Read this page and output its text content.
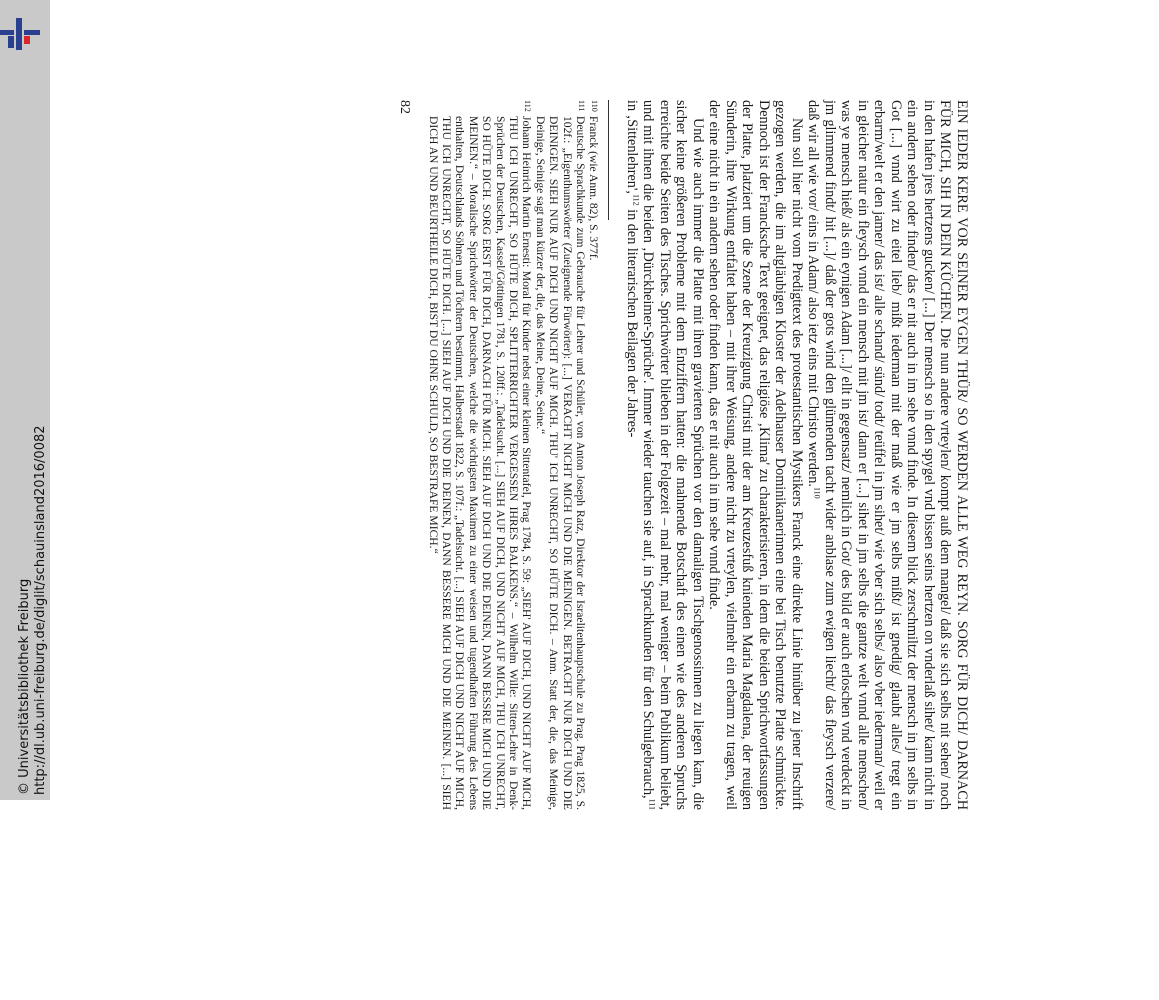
http://dl.ub.uni-freiburg.de/diglit/schauinsland2016/0082
© Universitätsbibliothek Freiburg	EIN IEDER KERE VOR SEINER EYGEN THÜR/ SO WERDEN ALLE WEG REYN. SORG FÜR DICH/ DARNACH FÜR MICH, SIH IN DEIN KÜCHEN. Die nun andere vrteylen/ kompt auß dem mangel/ daß sie sich selbs nit sehen/ noch in den hafen jres hertzens gucken/ [...] Der mensch so in den spygel vnd bissen seins hertzen on vnderlaß sihet/ kann nicht in ein andern sehen oder finden/ das er nit auch in im sehe vnnd finde. In diesem blick zerschmiltzt der mensch in jm selbs in Got [...] vnnd wirt zu eitel lieb/ mißt iederman mit der maß wie er jm selbs mißt/ ist gnedig/ glaubt alles/ tregt ein erbarm/welt er den jamer/ das ist/ alle schand/ sünd/ todt/ teüffel in jm sihet/ wie vber sich selbs/ also vber iederman/ weil er in gleicher natur ein fleysch vnnd ein mensch mit jm ist/ dann er [...] sihet in jm selbs die gantze welt vnnd alle menschen/ was ye mensch hieß/ als ein eynigen Adam [...]/ ellt in gegensatz/ nemlich in Got/ des bild er auch erloschen vnd verdeckt in jm glimmend findt/ hit [...]/ daß der gots wind den glümenden tacht wider anblase zum ewigen liecht/ das fleysch verzere/ daß wir all wie vor/ eins in Adam/ also ietz eins mit Christo werden.$^{110}$

Nun soll hier nicht vom Predigttext des protestantischen Mystikers Franck eine direkte Linie hinüber zu jener Inschrift gezogen werden, die im altgläubigen Kloster der Adelhauser Dominikanerinnen eine bei Tisch benutzte Platte schmückte. Dennoch ist der Francksche Text geeignet, das religiöse ‚Klima' zu charakterisieren, in dem die beiden Sprichwortfassungen der Platte, platziert um die Szene der Kreuzigung Christi mit der am Kreuzesfuß knienden Maria Magdalena, der reuigen Sünderin, ihre Wirkung entfaltet haben – mit ihrer Weisung, andere nicht zu vrteylen, vielmehr ein erbarm zu tragen, weil der eine nicht in ein andern sehen oder finden kann, das er nit auch in im sehe vnnd finde.

Und wie auch immer die Platte mit ihren gravierten Sprüchen vor den damaligen Tischgenossinnen zu liegen kam, die sicher keine größeren Probleme mit dem Entziffern hatten: die mahnende Botschaft des einen wie des anderen Spruchs erreichte beide Seiten des Tisches. Sprichwörter blieben in der Folgezeit – mal mehr, mal weniger – beim Publikum beliebt, und mit ihnen die beiden ‚Dürckheimer-Sprüche'. Immer wieder tauchen sie auf, in Sprachkunden für den Schulgebrauch,$^{111}$ in ‚Sittenlehren',$^{112}$ in den literarischen Beilagen der Jahres-

110
Franck (wie Anm. 82), S. 377f.
111
Deutsche Sprachkunde zum Gebrauche für Lehrer und Schüler, von Anton Joseph Ratz, Direktor der Israelitenhauptschule zu Prag. Prag 1825, S. 102f.: „Eigenthumswörter (Zueignende Fürwörter): [...] VERACHT NICHT MICH UND DIE MEINIGEN. BETRACHT NUR DICH UND DIE DEINIGEN. SIEH NUR AUF DICH UND NICHT AUF MICH. THU' ICH UNRECHT, SO HÜTE DICH. – Anm. Statt der, die, das Meinige, Deinige, Seinige sagt man kürzer der, die, das Meine, Deine, Seine.“
112
Johann Heinrich Martin Ernesti: Moral für Kinder nebst einer kleinen Sittentafel, Prag 1784, S. 59: „SIEH' AUF DICH, UND NICHT AUF MICH, THU ICH UNRECHT, SO HÜTE DICH, SPLITTERRICHTER VERGESSEN IHRES BALKENS.“ – Wilhelm Wille: Sitten-Lehre in Denk-Sprüchen der Deutschen, Kassel/Göttingen 1781, S. 120ff.: „Tadelsucht. [...] SIEH AUF DICH, UND NICHT AUF MICH, THU ICH UNRECHT, SO HÜTE DICH. SORG ERST FÜR DICH, DARNACH FÜR MICH. SIEH AUF DICH UND DIE DEINEN, DANN BESSRE MICH UND DIE MEINEN.“ – Moralische Sprichwörter der Deutschen, welche die wichtigsten Maximen zu einer weisen und tugendhaften Führung des Lebens enthalten, Deutschlands Söhnen und Töchtern bestimmt, Halberstadt 1822, S. 107f.: „Tadelsucht. [...] SIEH AUF DICH UND NICHT AUF MICH, THU ICH UNRECHT, SO HÜTE DICH. [...] SIEH AUF DICH UND DIE DEINEN, DANN BESSERE MICH UND DIE MEINEN. [...] SIEH DICH AN UND BEURTHEILE DICH, BIST DU OHNE SCHULD, SO BESTRAFE MICH.“
82
